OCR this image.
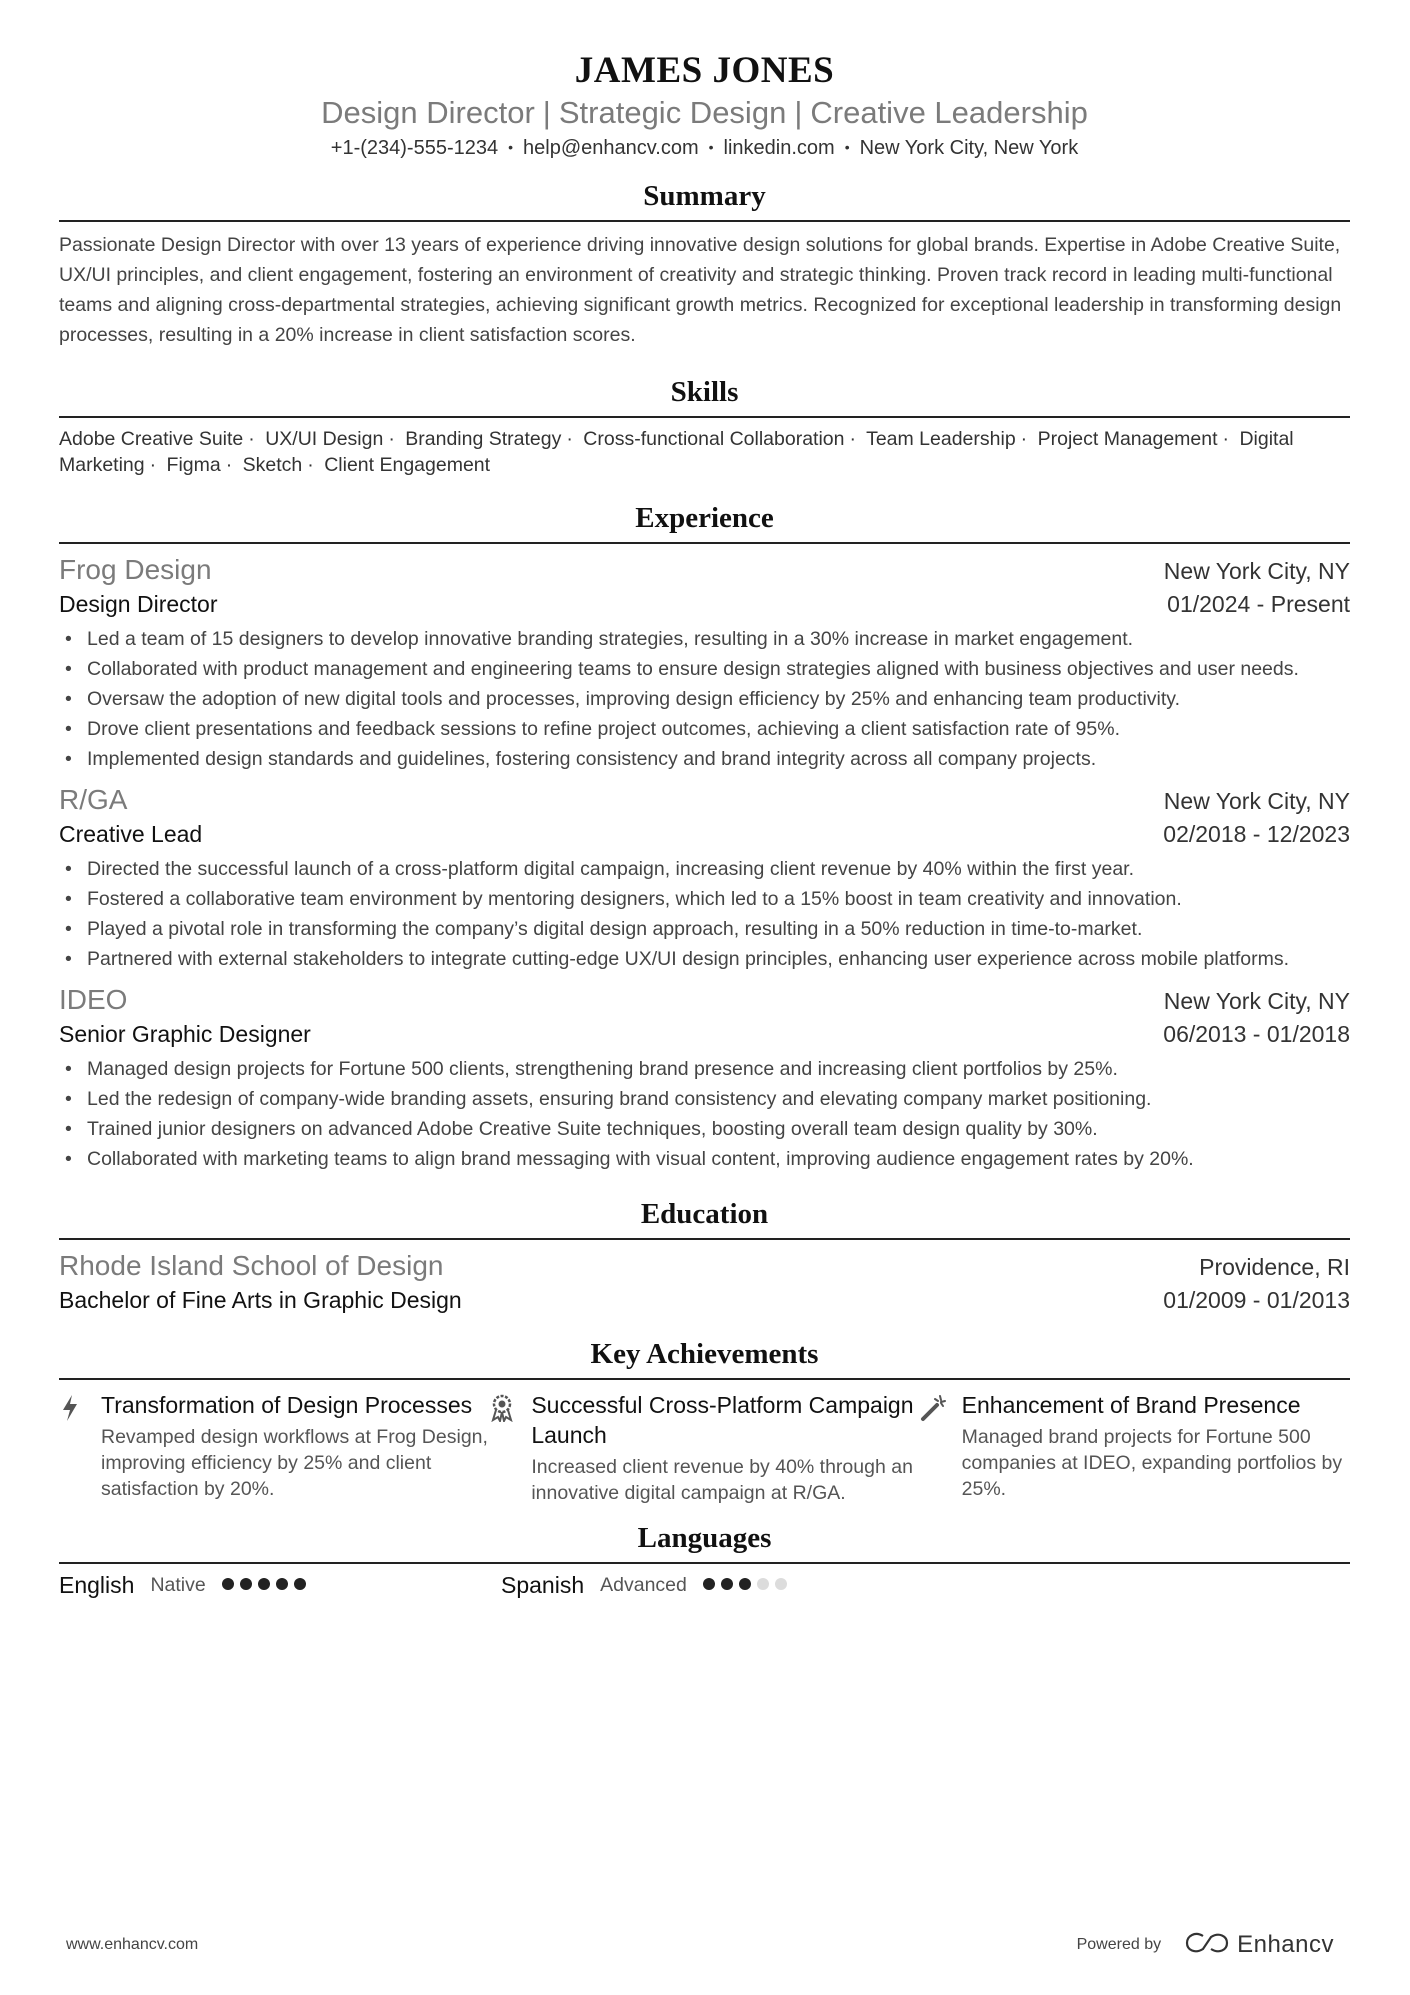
JAMES JONES
Design Director | Strategic Design | Creative Leadership
+1-(234)-555-1234 • help@enhancv.com • linkedin.com • New York City, New York
Summary
Passionate Design Director with over 13 years of experience driving innovative design solutions for global brands. Expertise in Adobe Creative Suite, UX/UI principles, and client engagement, fostering an environment of creativity and strategic thinking. Proven track record in leading multi-functional teams and aligning cross-departmental strategies, achieving significant growth metrics. Recognized for exceptional leadership in transforming design processes, resulting in a 20% increase in client satisfaction scores.
Skills
Adobe Creative Suite · UX/UI Design · Branding Strategy · Cross-functional Collaboration · Team Leadership · Project Management · Digital Marketing · Figma · Sketch · Client Engagement
Experience
Frog Design	New York City, NY
Design Director	01/2024 - Present
• Led a team of 15 designers to develop innovative branding strategies, resulting in a 30% increase in market engagement.
• Collaborated with product management and engineering teams to ensure design strategies aligned with business objectives and user needs.
• Oversaw the adoption of new digital tools and processes, improving design efficiency by 25% and enhancing team productivity.
• Drove client presentations and feedback sessions to refine project outcomes, achieving a client satisfaction rate of 95%.
• Implemented design standards and guidelines, fostering consistency and brand integrity across all company projects.
R/GA	New York City, NY
Creative Lead	02/2018 - 12/2023
• Directed the successful launch of a cross-platform digital campaign, increasing client revenue by 40% within the first year.
• Fostered a collaborative team environment by mentoring designers, which led to a 15% boost in team creativity and innovation.
• Played a pivotal role in transforming the company’s digital design approach, resulting in a 50% reduction in time-to-market.
• Partnered with external stakeholders to integrate cutting-edge UX/UI design principles, enhancing user experience across mobile platforms.
IDEO	New York City, NY
Senior Graphic Designer	06/2013 - 01/2018
• Managed design projects for Fortune 500 clients, strengthening brand presence and increasing client portfolios by 25%.
• Led the redesign of company-wide branding assets, ensuring brand consistency and elevating company market positioning.
• Trained junior designers on advanced Adobe Creative Suite techniques, boosting overall team design quality by 30%.
• Collaborated with marketing teams to align brand messaging with visual content, improving audience engagement rates by 20%.
Education
Rhode Island School of Design	Providence, RI
Bachelor of Fine Arts in Graphic Design	01/2009 - 01/2013
Key Achievements
Transformation of Design Processes
Revamped design workflows at Frog Design, improving efficiency by 25% and client satisfaction by 20%.
Successful Cross-Platform Campaign Launch
Increased client revenue by 40% through an innovative digital campaign at R/GA.
Enhancement of Brand Presence
Managed brand projects for Fortune 500 companies at IDEO, expanding portfolios by 25%.
Languages
English Native	Spanish Advanced
www.enhancv.com	Powered by	Enhancv
